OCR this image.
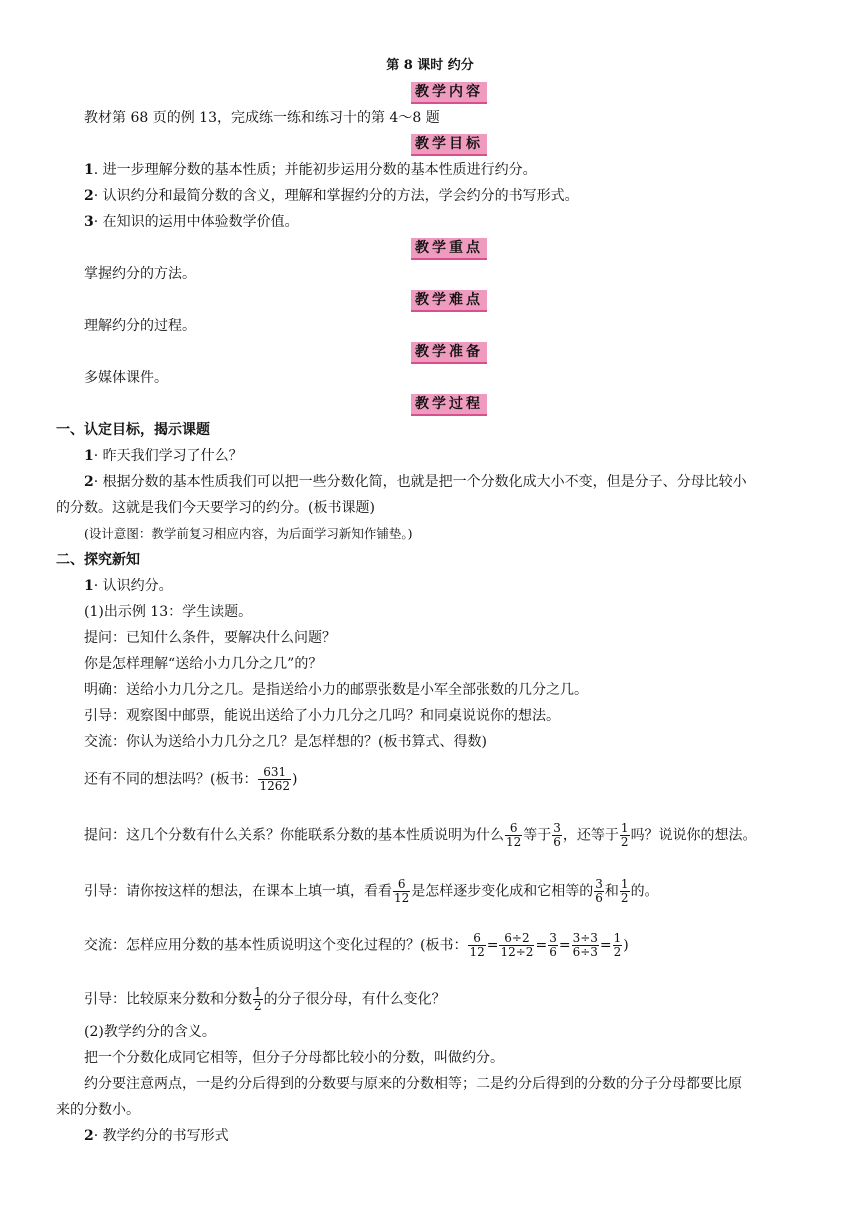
第 8 课时 约分
教学内容
教材第 68 页的例 13，完成练一练和练习十的第 4～8 题
教学目标
1. 进一步理解分数的基本性质；并能初步运用分数的基本性质进行约分。
2· 认识约分和最简分数的含义，理解和掌握约分的方法，学会约分的书写形式。
3· 在知识的运用中体验数学价值。
教学重点
掌握约分的方法。
教学难点
理解约分的过程。
教学准备
多媒体课件。
教学过程
一、认定目标，揭示课题
1· 昨天我们学习了什么？
2· 根据分数的基本性质我们可以把一些分数化简，也就是把一个分数化成大小不变，但是分子、分母比较小
的分数。这就是我们今天要学习的约分。(板书课题)
(设计意图：教学前复习相应内容，为后面学习新知作铺垫。)
二、探究新知
1· 认识约分。
(1)出示例 13：学生读题。
提问：已知什么条件，要解决什么问题？
你是怎样理解“送给小力几分之几”的？
明确：送给小力几分之几。是指送给小力的邮票张数是小军全部张数的几分之几。
引导：观察图中邮票，能说出送给了小力几分之几吗？和同桌说说你的想法。
交流：你认为送给小力几分之几？是怎样想的？(板书算式、得数)
还有不同的想法吗？(板书： $\frac{631}{1262}$ )
提问：这几个分数有什么关系？你能联系分数的基本性质说明为什么 $\frac{6}{12}$ 等于 $\frac{3}{6}$ ，还等于 $\frac{1}{2}$ 吗？说说你的想法。
引导：请你按这样的想法，在课本上填一填，看看 $\frac{6}{12}$ 是怎样逐步变化成和它相等的 $\frac{3}{6}$ 和 $\frac{1}{2}$ 的。
交流：怎样应用分数的基本性质说明这个变化过程的？(板书： $\frac{6}{12} = \frac{6\div 2}{12\div 2} = \frac{3}{6} = \frac{3\div 3}{6\div 3} = \frac{1}{2}$ )
引导：比较原来分数和分数 $\frac{1}{2}$ 的分子很分母，有什么变化？
(2)教学约分的含义。
把一个分数化成同它相等，但分子分母都比较小的分数，叫做约分。
约分要注意两点，一是约分后得到的分数要与原来的分数相等；二是约分后得到的分数的分子分母都要比原
来的分数小。
2· 教学约分的书写形式
